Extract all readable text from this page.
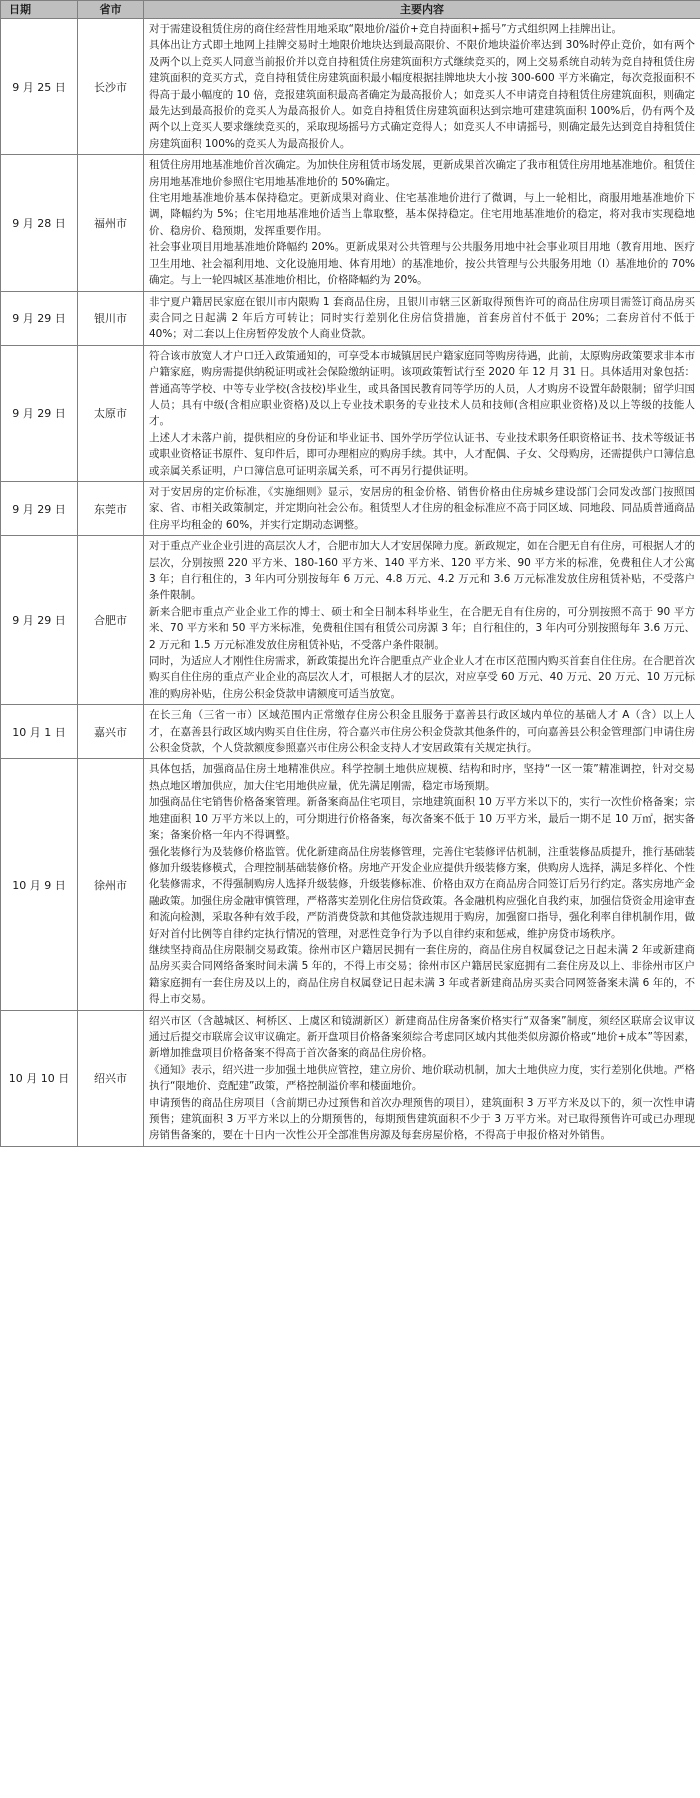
日期	省市	主要内容
9 月 25 日	长沙市	对于需建设租赁住房的商住经营性用地采取“限地价/溢价+竞自持面积+摇号”方式组织网上挂牌出让。
具体出让方式即土地网上挂牌交易时土地限价地块达到最高限价、不限价地块溢价率达到 30%时停止竞价，如有两个及两个以上竞买人同意当前报价并以竞自持租赁住房建筑面积方式继续竞买的，网上交易系统自动转为竞自持租赁住房建筑面积的竞买方式，竞自持租赁住房建筑面积最小幅度根据挂牌地块大小按 300-600 平方米确定，每次竞报面积不得高于最小幅度的 10 倍，竞报建筑面积最高者确定为最高报价人；如竞买人不申请竞自持租赁住房建筑面积，则确定最先达到最高报价的竞买人为最高报价人。如竞自持租赁住房建筑面积达到宗地可建建筑面积 100%后，仍有两个及两个以上竞买人要求继续竞买的，采取现场摇号方式确定竞得人；如竞买人不申请摇号，则确定最先达到竞自持租赁住房建筑面积 100%的竞买人为最高报价人。

9 月 28 日	福州市	租赁住房用地基准地价首次确定。为加快住房租赁市场发展，更新成果首次确定了我市租赁住房用地基准地价。租赁住房用地基准地价参照住宅用地基准地价的 50%确定。
住宅用地基准地价基本保持稳定。更新成果对商业、住宅基准地价进行了微调，与上一轮相比，商服用地基准地价下调，降幅约为 5%；住宅用地基准地价适当上靠取整，基本保持稳定。住宅用地基准地价的稳定，将对我市实现稳地价、稳房价、稳预期，发挥重要作用。
社会事业项目用地基准地价降幅约 20%。更新成果对公共管理与公共服务用地中社会事业项目用地（教育用地、医疗卫生用地、社会福利用地、文化设施用地、体育用地）的基准地价，按公共管理与公共服务用地（Ⅰ）基准地价的 70%确定。与上一轮四城区基准地价相比，价格降幅约为 20%。

9 月 29 日	银川市	非宁夏户籍居民家庭在银川市内限购 1 套商品住房，且银川市辖三区新取得预售许可的商品住房项目需签订商品房买卖合同之日起满 2 年后方可转让；同时实行差别化住房信贷措施，首套房首付不低于 20%；二套房首付不低于 40%；对二套以上住房暂停发放个人商业贷款。

9 月 29 日	太原市	符合该市放宽人才户口迁入政策通知的，可享受本市城镇居民户籍家庭同等购房待遇，此前，太原购房政策要求非本市户籍家庭，购房需提供纳税证明或社会保险缴纳证明。该项政策暂试行至 2020 年 12 月 31 日。具体适用对象包括：普通高等学校、中等专业学校(含技校)毕业生，或具备国民教育同等学历的人员，人才购房不设置年龄限制；留学归国人员；具有中级(含相应职业资格)及以上专业技术职务的专业技术人员和技师(含相应职业资格)及以上等级的技能人才。
上述人才未落户前，提供相应的身份证和毕业证书、国外学历学位认证书、专业技术职务任职资格证书、技术等级证书或职业资格证书原件、复印件后，即可办理相应的购房手续。其中，人才配偶、子女、父母购房，还需提供户口簿信息或亲属关系证明，户口簿信息可证明亲属关系，可不再另行提供证明。

9 月 29 日	东莞市	对于安居房的定价标准，《实施细则》显示，安居房的租金价格、销售价格由住房城乡建设部门会同发改部门按照国家、省、市相关政策制定，并定期向社会公布。租赁型人才住房的租金标准应不高于同区域、同地段、同品质普通商品住房平均租金的 60%，并实行定期动态调整。

9 月 29 日	合肥市	对于重点产业企业引进的高层次人才，合肥市加大人才安居保障力度。新政规定，如在合肥无自有住房，可根据人才的层次，分别按照 220 平方米、180-160 平方米、140 平方米、120 平方米、90 平方米的标准，免费租住人才公寓 3 年；自行租住的，3 年内可分别按每年 6 万元、4.8 万元、4.2 万元和 3.6 万元标准发放住房租赁补贴，不受落户条件限制。
新来合肥市重点产业企业工作的博士、硕士和全日制本科毕业生，在合肥无自有住房的，可分别按照不高于 90 平方米、70 平方米和 50 平方米标准，免费租住国有租赁公司房源 3 年；自行租住的，3 年内可分别按照每年 3.6 万元、2 万元和 1.5 万元标准发放住房租赁补贴，不受落户条件限制。
同时，为适应人才刚性住房需求，新政策提出允许合肥重点产业企业人才在市区范围内购买首套自住住房。在合肥首次购买自住住房的重点产业企业的高层次人才，可根据人才的层次，对应享受 60 万元、40 万元、20 万元、10 万元标准的购房补贴，住房公积金贷款申请额度可适当放宽。

10 月 1 日	嘉兴市	在长三角（三省一市）区域范围内正常缴存住房公积金且服务于嘉善县行政区域内单位的基础人才 A（含）以上人才，在嘉善县行政区域内购买自住住房，符合嘉兴市住房公积金贷款其他条件的，可向嘉善县公积金管理部门申请住房公积金贷款，个人贷款额度参照嘉兴市住房公积金支持人才安居政策有关规定执行。

10 月 9 日	徐州市	具体包括，加强商品住房土地精准供应。科学控制土地供应规模、结构和时序，坚持“一区一策”精准调控，针对交易热点地区增加供应，加大住宅用地供应量，优先满足刚需，稳定市场预期。
加强商品住宅销售价格备案管理。新备案商品住宅项目，宗地建筑面积 10 万平方米以下的，实行一次性价格备案；宗地建面积 10 万平方米以上的，可分期进行价格备案，每次备案不低于 10 万平方米，最后一期不足 10 万㎡，据实备案；备案价格一年内不得调整。
强化装修行为及装修价格监管。优化新建商品住房装修管理，完善住宅装修评估机制，注重装修品质提升，推行基础装修加升级装修模式，合理控制基础装修价格。房地产开发企业应提供升级装修方案，供购房人选择，满足多样化、个性化装修需求，不得强制购房人选择升级装修，升级装修标准、价格由双方在商品房合同签订后另行约定。落实房地产金融政策。加强住房金融审慎管理，严格落实差别化住房信贷政策。各金融机构应强化自我约束，加强信贷资金用途审查和流向检测，采取各种有效手段，严防消费贷款和其他贷款违规用于购房，加强窗口指导，强化利率自律机制作用，做好对首付比例等自律约定执行情况的管理，对恶性竞争行为予以自律约束和惩戒，维护房贷市场秩序。
继续坚持商品住房限制交易政策。徐州市区户籍居民拥有一套住房的，商品住房自权属登记之日起未满 2 年或新建商品房买卖合同网络备案时间未满 5 年的，不得上市交易；徐州市区户籍居民家庭拥有二套住房及以上、非徐州市区户籍家庭拥有一套住房及以上的，商品住房自权属登记日起未满 3 年或者新建商品房买卖合同网签备案未满 6 年的，不得上市交易。

10 月 10 日	绍兴市	绍兴市区（含越城区、柯桥区、上虞区和镜湖新区）新建商品住房备案价格实行“双备案”制度，须经区联席会议审议通过后提交市联席会议审议确定。新开盘项目价格备案须综合考虑同区域内其他类似房源价格或“地价+成本”等因素，新增加推盘项目价格备案不得高于首次备案的商品住房价格。
《通知》表示，绍兴进一步加强土地供应管控，建立房价、地价联动机制，加大土地供应力度，实行差别化供地。严格执行“限地价、竞配建”政策，严格控制溢价率和楼面地价。
申请预售的商品住房项目（含前期已办过预售和首次办理预售的项目），建筑面积 3 万平方米及以下的，须一次性申请预售；建筑面积 3 万平方米以上的分期预售的，每期预售建筑面积不少于 3 万平方米。对已取得预售许可或已办理现房销售备案的，要在十日内一次性公开全部准售房源及每套房屋价格，不得高于申报价格对外销售。
